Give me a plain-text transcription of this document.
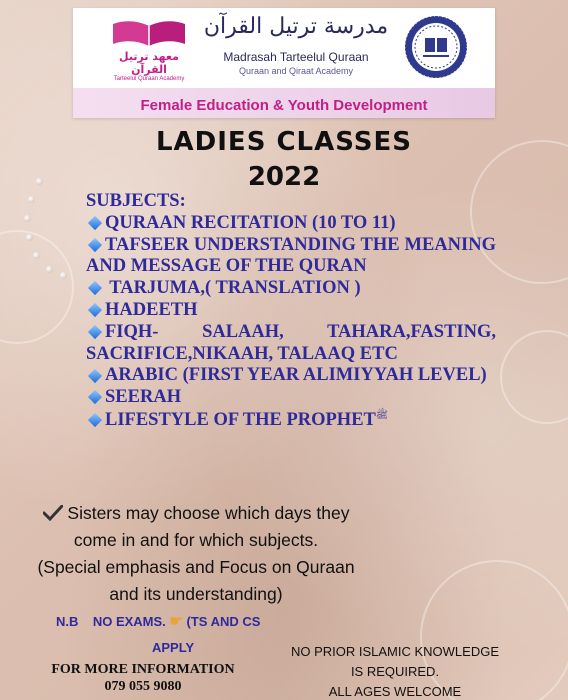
معهد ترتيل القرآن
Tarteelul Quraan Academy
مدرسة ترتيل القرآن
Madrasah Tarteelul Quraan
Quraan and Qiraat Academy
Female Education & Youth Development
LADIES CLASSES
2022
SUBJECTS:
QURAAN RECITATION (10 TO 11)
TAFSEER UNDERSTANDING THE MEANING AND MESSAGE OF THE QURAN
TARJUMA,( TRANSLATION )
HADEETH
FIQH- SALAAH, TAHARA,FASTING, SACRIFICE,NIKAAH, TALAAQ ETC
ARABIC (FIRST YEAR ALIMIYYAH LEVEL)
SEERAH
LIFESTYLE OF THE $PROPHET^ﷺ$
Sisters may choose which days they
come in and for which subjects.
(Special emphasis and Focus on Quraan
and its understanding)
N.B NO EXAMS. ☛ (TS AND CS
APPLY
FOR MORE INFORMATION
079 055 9080
NO PRIOR ISLAMIC KNOWLEDGE
IS REQUIRED.
ALL AGES WELCOME
